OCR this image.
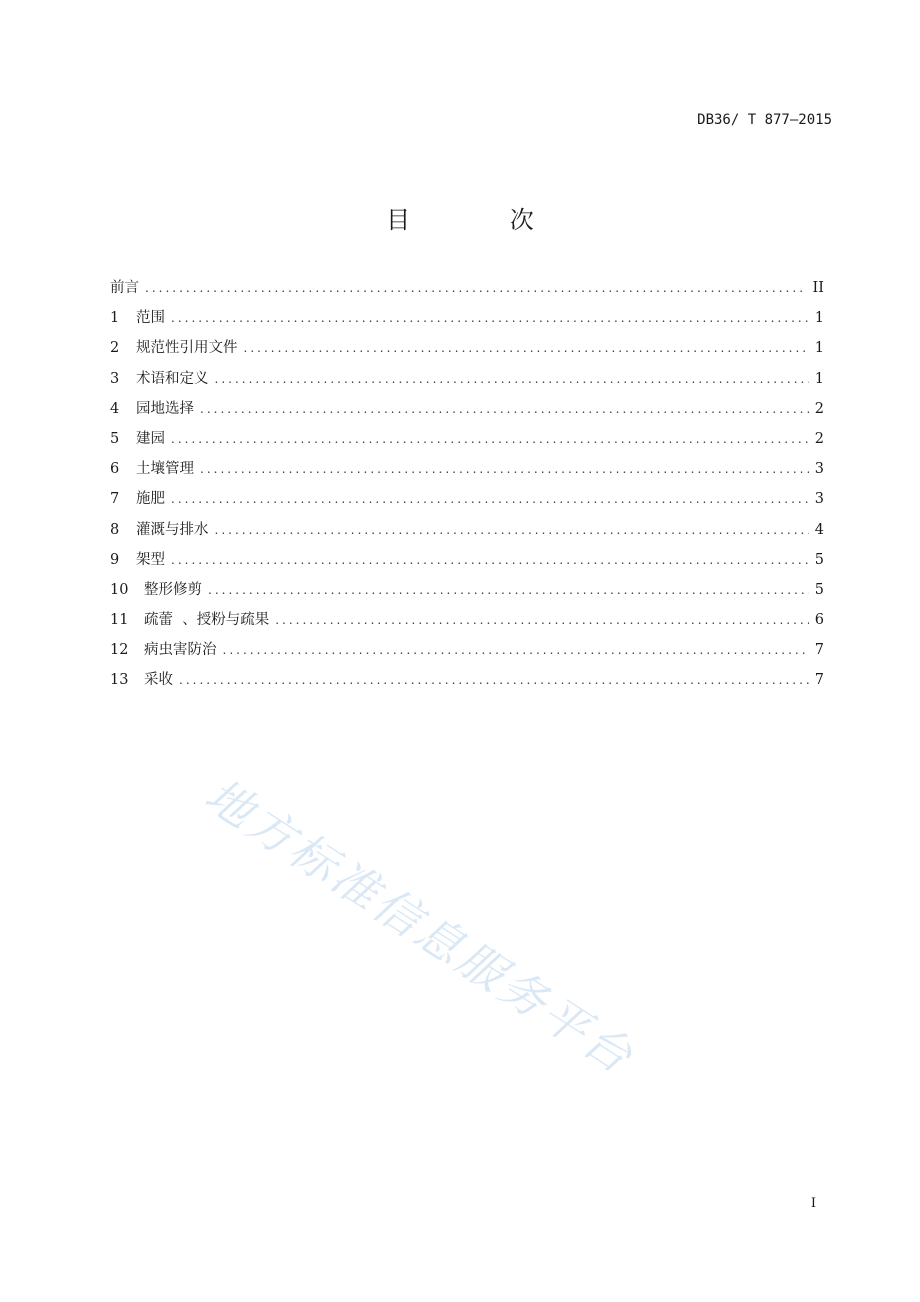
DB36/ T 877—2015
目 次
前言 .....	II
1	范围 .....	1
2	规范性引用文件 .....	1
3	术语和定义 .....	1
4	园地选择 .....	2
5	建园 .....	2
6	土壤管理 .....	3
7	施肥 .....	3
8	灌溉与排水 .....	4
9	架型 .....	5
10	整形修剪 .....	5
11	疏蕾  、授粉与疏果 .....	6
12	病虫害防治 .....	7
13	采收 .....	7
地方标准信息服务平台
I
